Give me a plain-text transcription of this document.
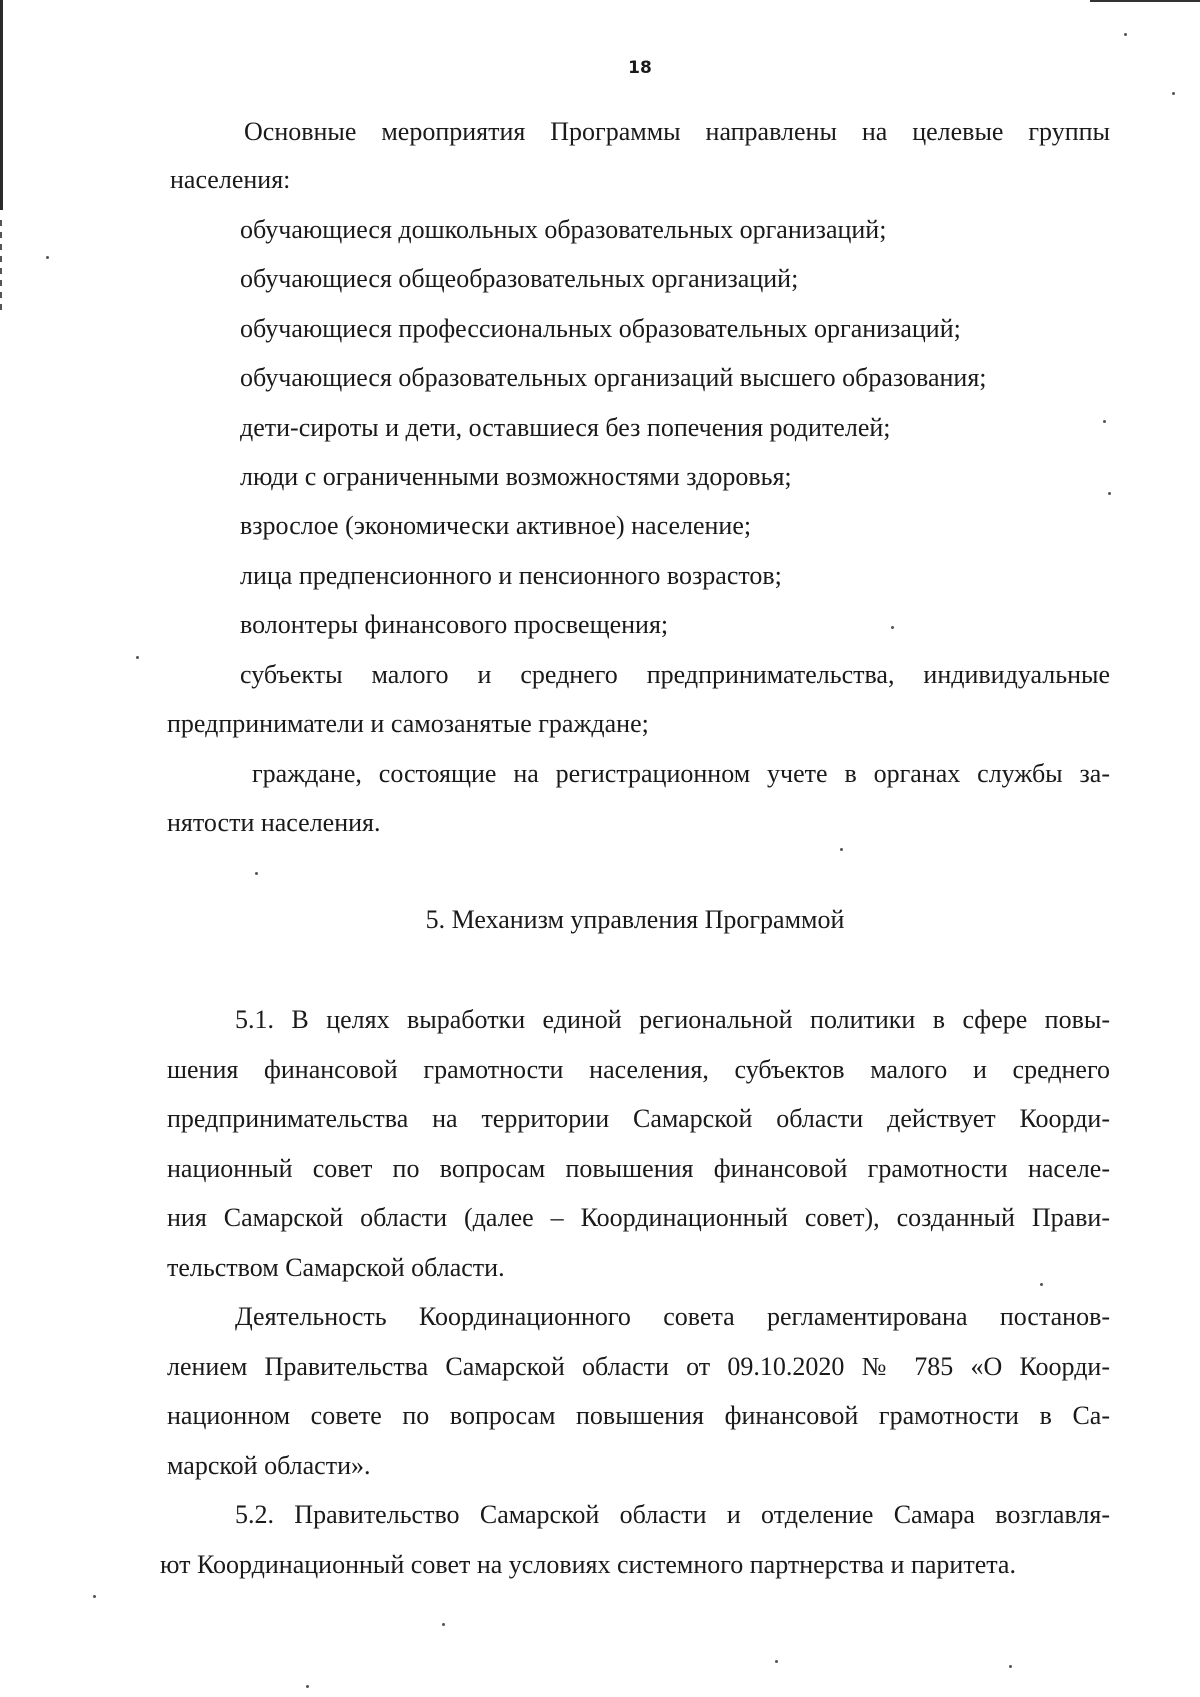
18
Основные мероприятия Программы направлены на целевые группы
населения:
обучающиеся дошкольных образовательных организаций;
обучающиеся общеобразовательных организаций;
обучающиеся профессиональных образовательных организаций;
обучающиеся образовательных организаций высшего образования;
дети-сироты и дети, оставшиеся без попечения родителей;
люди с ограниченными возможностями здоровья;
взрослое (экономически активное) население;
лица предпенсионного и пенсионного возрастов;
волонтеры финансового просвещения;
субъекты малого и среднего предпринимательства, индивидуальные
предприниматели и самозанятые граждане;
граждане, состоящие на регистрационном учете в органах службы за-
нятости населения.
5. Механизм управления Программой
5.1. В целях выработки единой региональной политики в сфере повы-
шения финансовой грамотности населения, субъектов малого и среднего
предпринимательства на территории Самарской области действует Коорди-
национный совет по вопросам повышения финансовой грамотности населе-
ния Самарской области (далее – Координационный совет), созданный Прави-
тельством Самарской области.
Деятельность Координационного совета регламентирована постанов-
лением Правительства Самарской области от 09.10.2020 № 785 «О Коорди-
национном совете по вопросам повышения финансовой грамотности в Са-
марской области».
5.2. Правительство Самарской области и отделение Самара возглавля-
ют Координационный совет на условиях системного партнерства и паритета.
